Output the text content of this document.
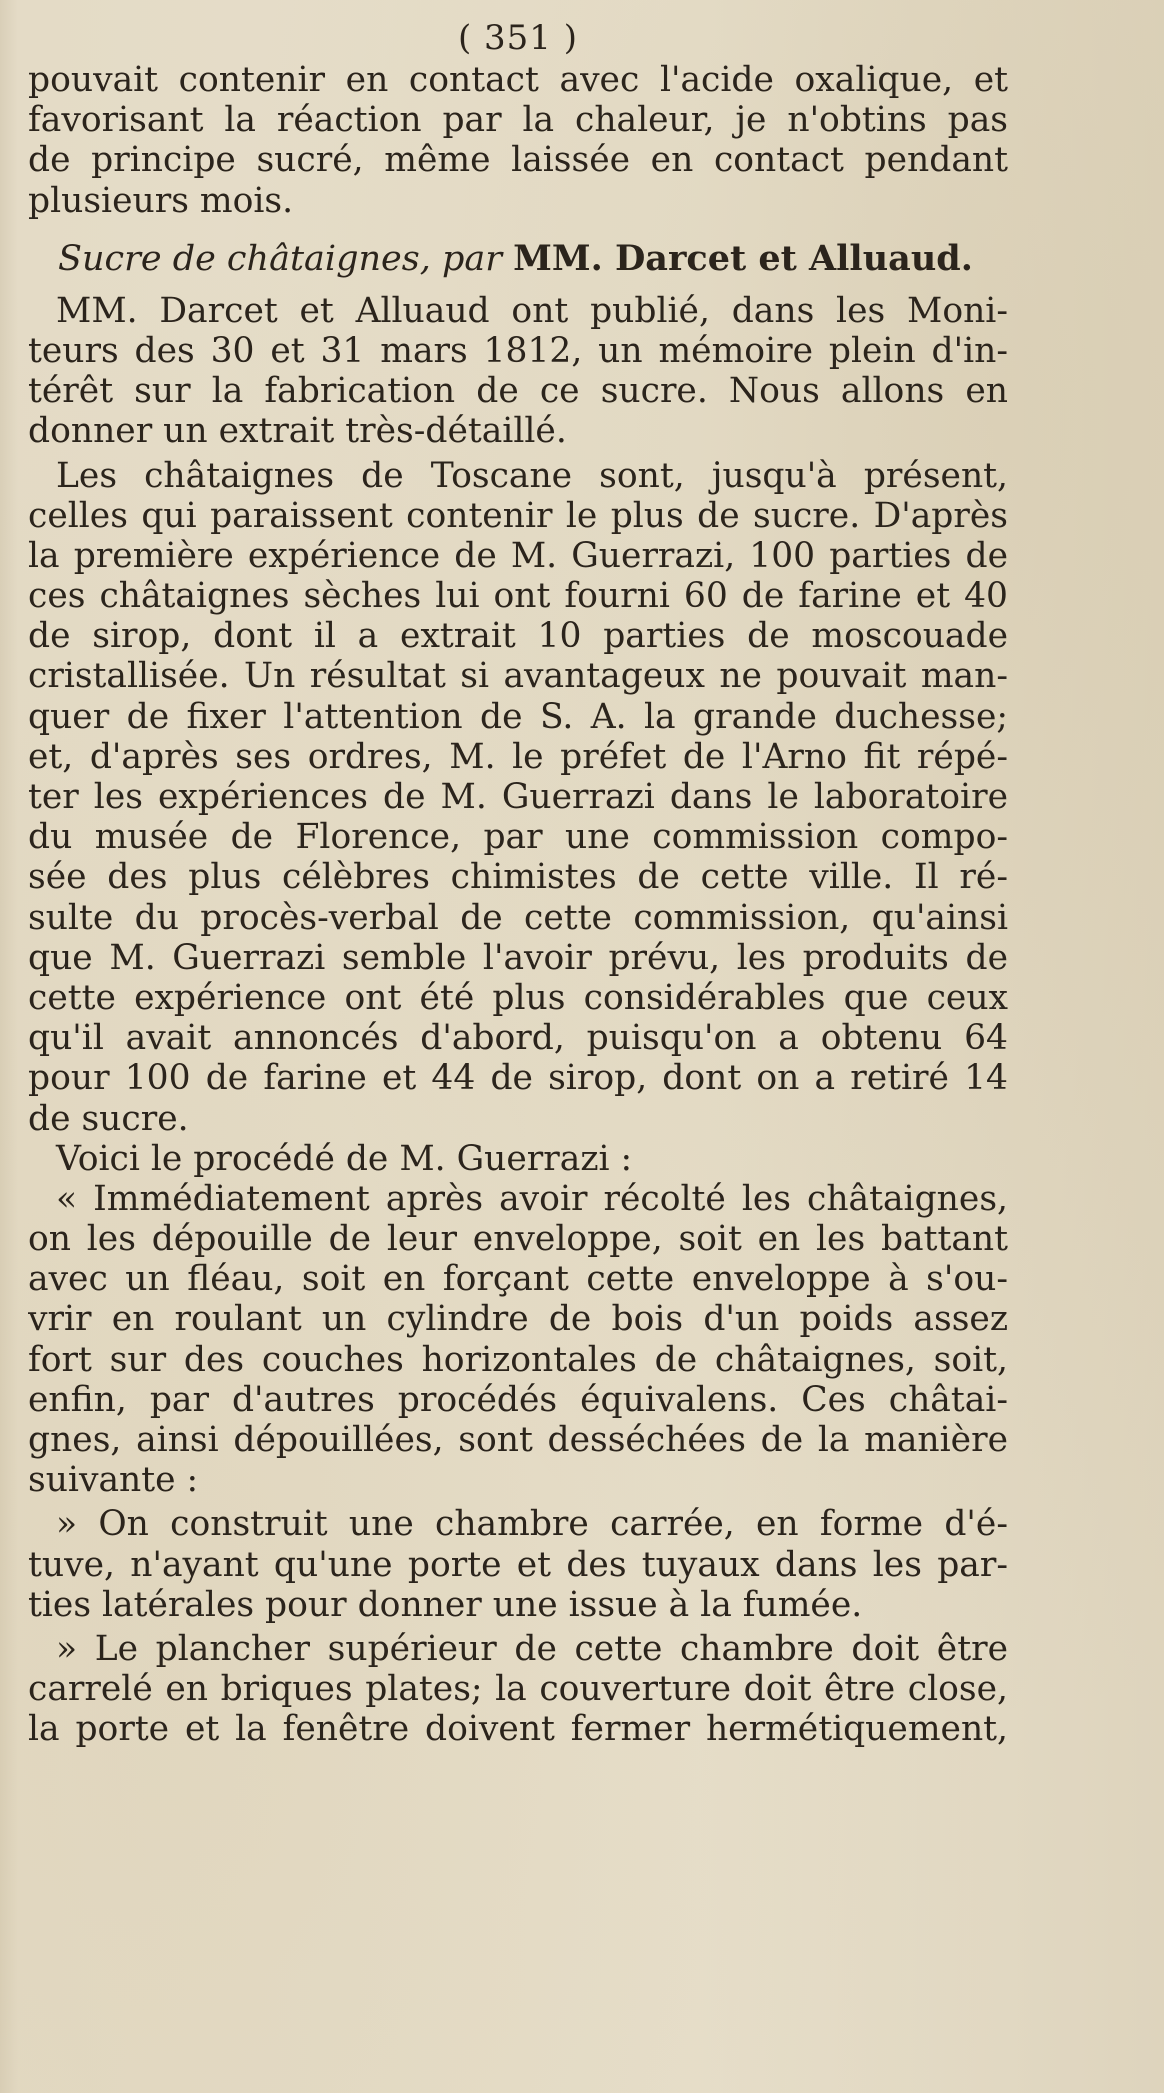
( 351 )
pouvait contenir en contact avec l'acide oxalique, et
favorisant la réaction par la chaleur, je n'obtins pas
de principe sucré, même laissée en contact pendant
plusieurs mois.
Sucre de châtaignes, par MM. Darcet et Alluaud.
MM. Darcet et Alluaud ont publié, dans les Moni-
teurs des 30 et 31 mars 1812, un mémoire plein d'in-
térêt sur la fabrication de ce sucre. Nous allons en
donner un extrait très-détaillé.
Les châtaignes de Toscane sont, jusqu'à présent,
celles qui paraissent contenir le plus de sucre. D'après
la première expérience de M. Guerrazi, 100 parties de
ces châtaignes sèches lui ont fourni 60 de farine et 40
de sirop, dont il a extrait 10 parties de moscouade
cristallisée. Un résultat si avantageux ne pouvait man-
quer de fixer l'attention de S. A. la grande duchesse;
et, d'après ses ordres, M. le préfet de l'Arno fit répé-
ter les expériences de M. Guerrazi dans le laboratoire
du musée de Florence, par une commission compo-
sée des plus célèbres chimistes de cette ville. Il ré-
sulte du procès-verbal de cette commission, qu'ainsi
que M. Guerrazi semble l'avoir prévu, les produits de
cette expérience ont été plus considérables que ceux
qu'il avait annoncés d'abord, puisqu'on a obtenu 64
pour 100 de farine et 44 de sirop, dont on a retiré 14
de sucre.
Voici le procédé de M. Guerrazi :
« Immédiatement après avoir récolté les châtaignes,
on les dépouille de leur enveloppe, soit en les battant
avec un fléau, soit en forçant cette enveloppe à s'ou-
vrir en roulant un cylindre de bois d'un poids assez
fort sur des couches horizontales de châtaignes, soit,
enfin, par d'autres procédés équivalens. Ces châtai-
gnes, ainsi dépouillées, sont desséchées de la manière
suivante :
» On construit une chambre carrée, en forme d'é-
tuve, n'ayant qu'une porte et des tuyaux dans les par-
ties latérales pour donner une issue à la fumée.
» Le plancher supérieur de cette chambre doit être
carrelé en briques plates; la couverture doit être close,
la porte et la fenêtre doivent fermer hermétiquement,
